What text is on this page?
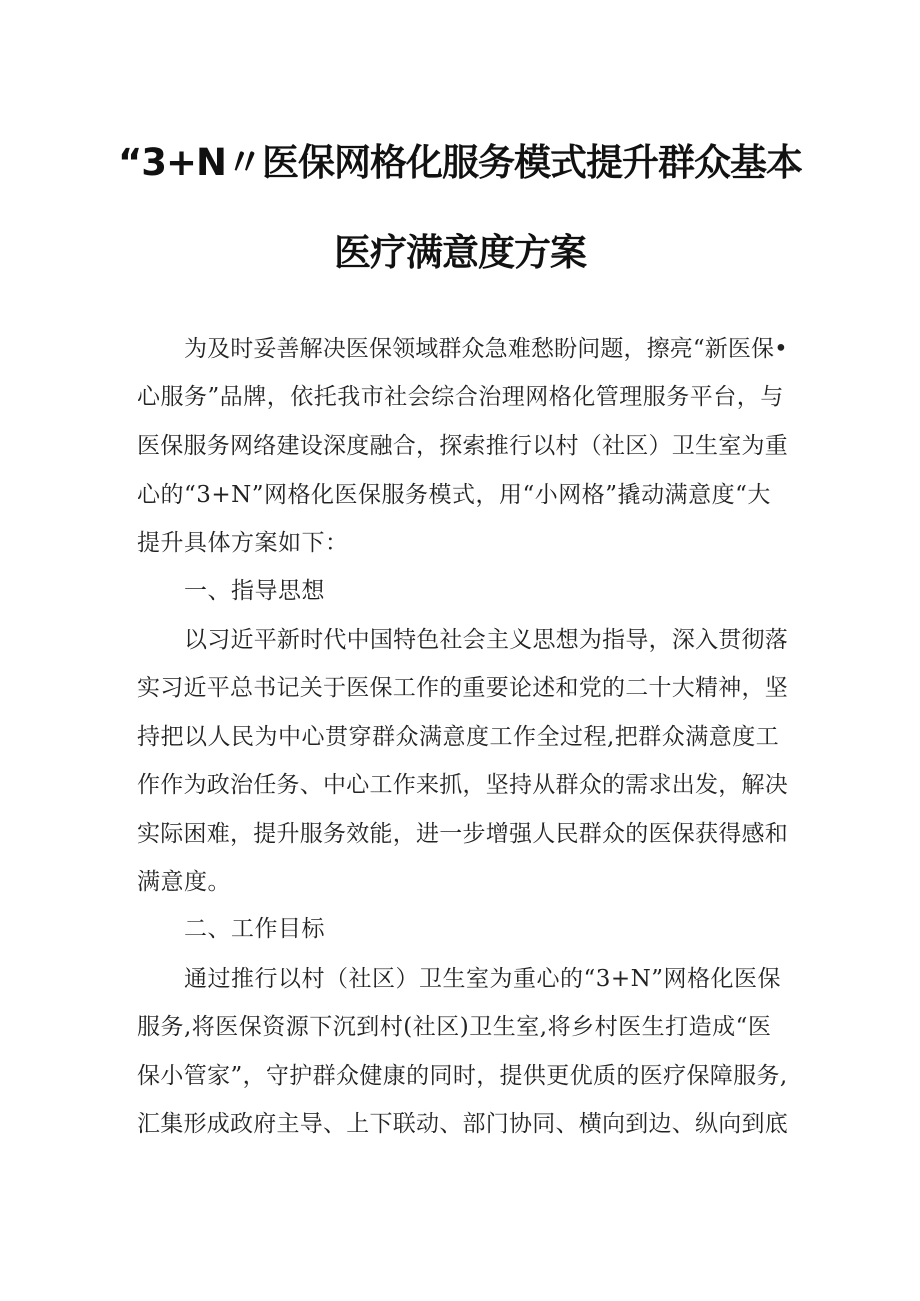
“3+N〃医保网格化服务模式提升群众基本
医疗满意度方案
为及时妥善解决医保领域群众急难愁盼问题，擦亮“新医保•
心服务”品牌，依托我市社会综合治理网格化管理服务平台，与
医保服务网络建设深度融合，探索推行以村（社区）卫生室为重
心的“3+N”网格化医保服务模式，用“小网格”撬动满意度“大
提升具体方案如下：
一、指导思想
以习近平新时代中国特色社会主义思想为指导，深入贯彻落
实习近平总书记关于医保工作的重要论述和党的二十大精神，坚
持把以人民为中心贯穿群众满意度工作全过程,把群众满意度工
作作为政治任务、中心工作来抓，坚持从群众的需求出发，解决
实际困难，提升服务效能，进一步增强人民群众的医保获得感和
满意度。
二、工作目标
通过推行以村（社区）卫生室为重心的“3+N”网格化医保
服务,将医保资源下沉到村(社区)卫生室,将乡村医生打造成“医
保小管家”，守护群众健康的同时，提供更优质的医疗保障服务,
汇集形成政府主导、上下联动、部门协同、横向到边、纵向到底
